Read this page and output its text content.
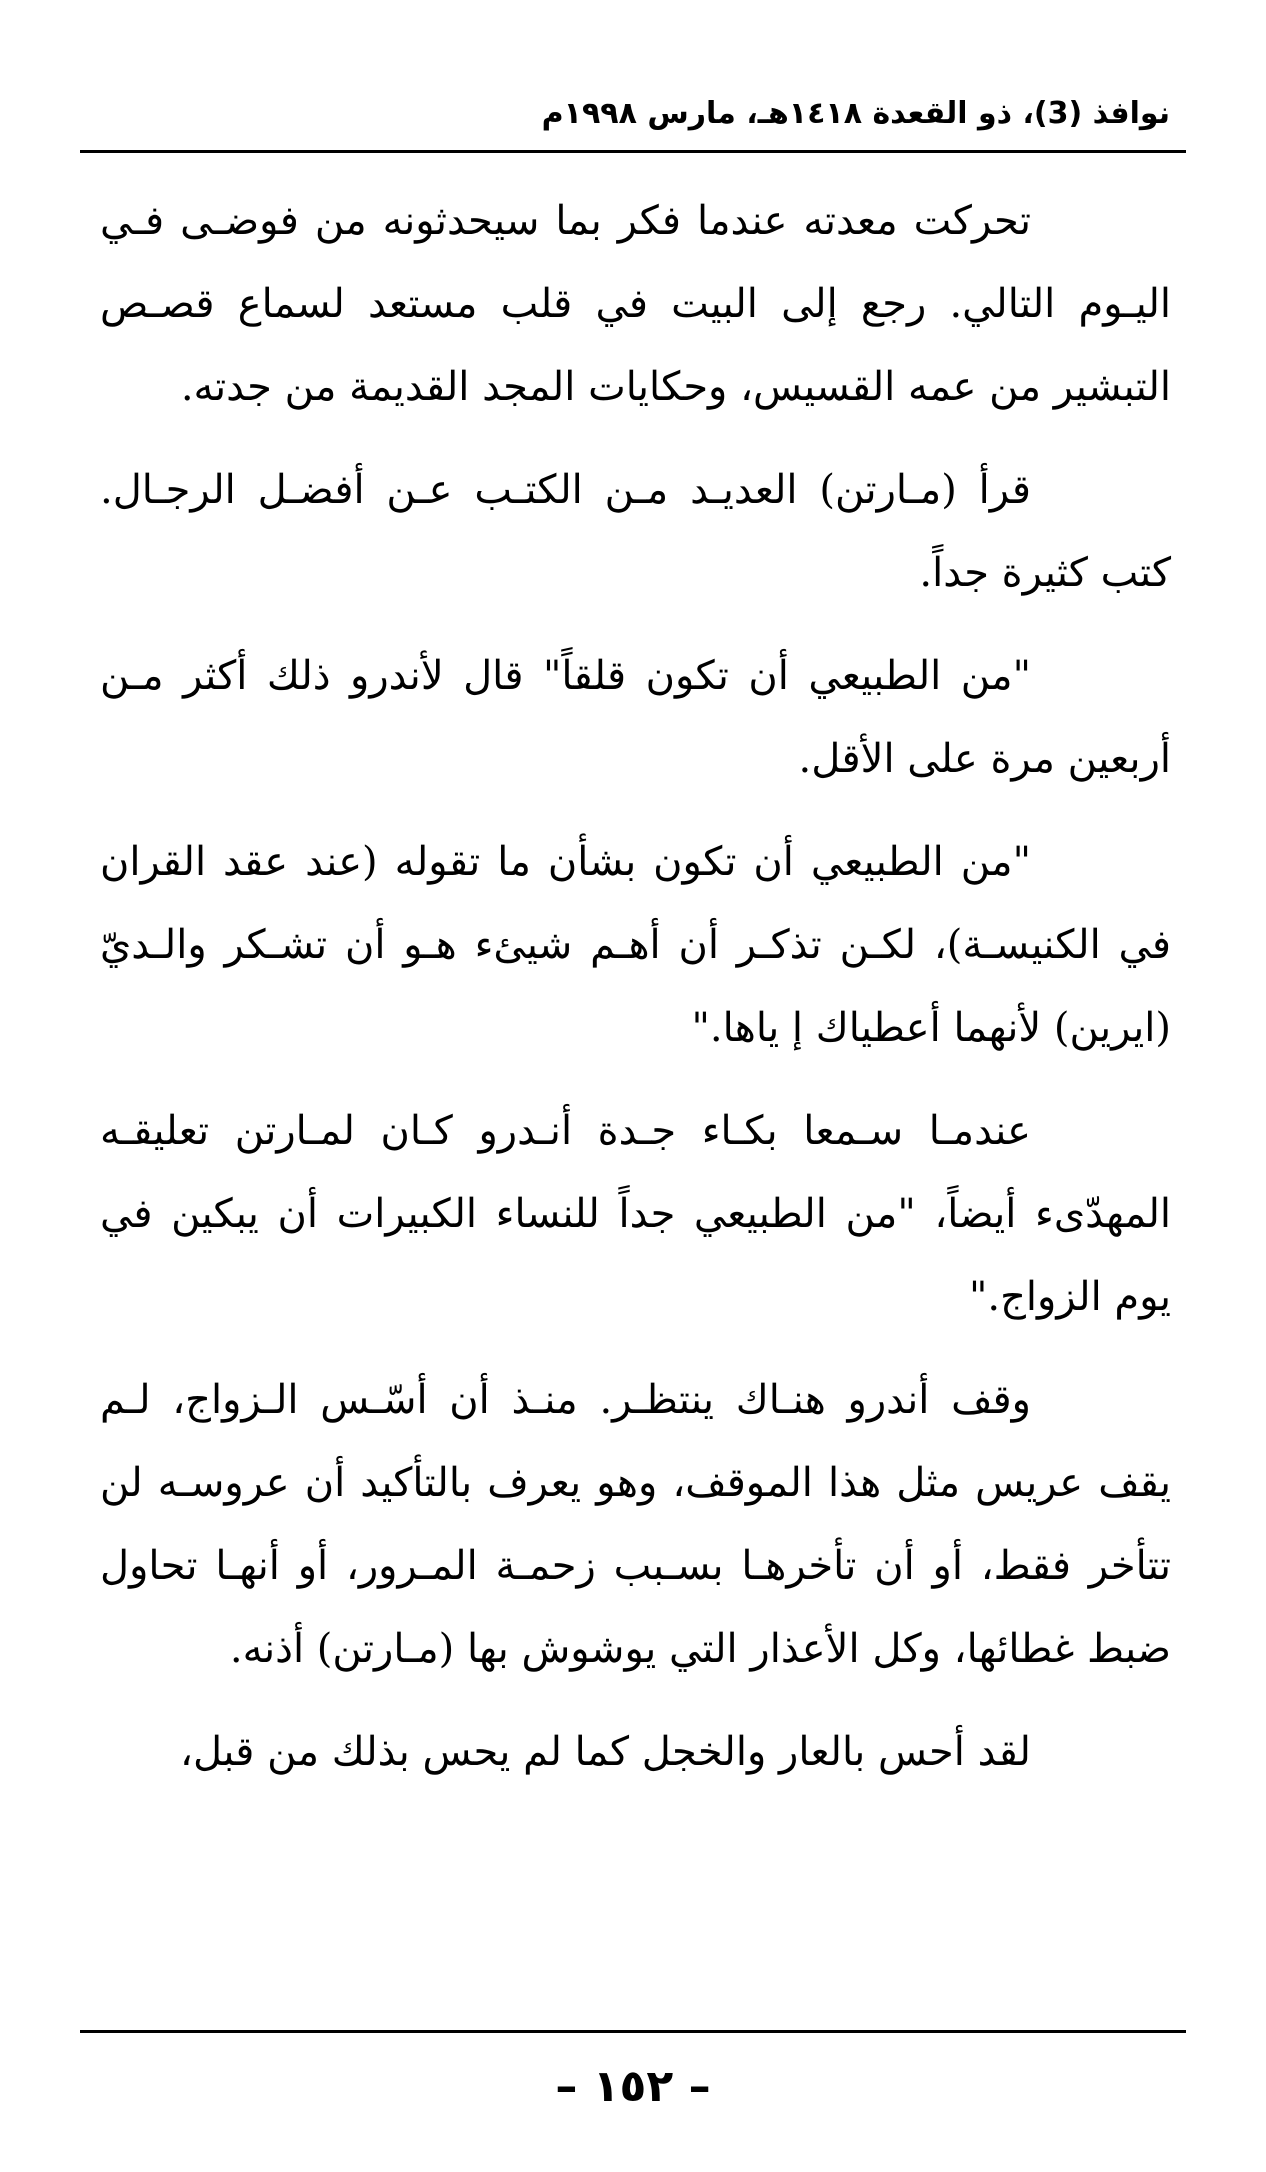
نوافذ (3)، ذو القعدة ١٤١٨هـ، مارس ١٩٩٨م

تحركت معدته عندما فكر بما سيحدثونه من فوضـى فـي اليـوم التالي. رجع إلى البيت في قلب مستعد لسماع قصـص التبشير من عمه القسيس، وحكايات المجد القديمة من جدته.

قرأ (مـارتن) العديـد مـن الكتـب عـن أفضـل الرجـال. كتب كثيرة جداً.

"من الطبيعي أن تكون قلقاً" قال لأندرو ذلك أكثر مـن أربعين مرة على الأقل.

"من الطبيعي أن تكون بشأن ما تقوله (عند عقد القران في الكنيسـة)، لكـن تذكـر أن أهـم شيئء هـو أن تشـكر والـديّ (ايرين) لأنهما أعطياك إ ياها."

عندمـا سـمعا بكـاء جـدة أنـدرو كـان لمـارتن تعليقـه المهدّىء أيضاً، "من الطبيعي جداً للنساء الكبيرات أن يبكين في يوم الزواج."

وقف أندرو هنـاك ينتظـر. منـذ أن أسّـس الـزواج، لـم يقف عريس مثل هذا الموقف، وهو يعرف بالتأكيد أن عروسـه لن تتأخر فقط، أو أن تأخرهـا بسـبب زحمـة المـرور، أو أنهـا تحاول ضبط غطائها، وكل الأعذار التي يوشوش بها (مـارتن) أذنه.

لقد أحس بالعار والخجل كما لم يحس بذلك من قبل،

– ١٥٢ –
